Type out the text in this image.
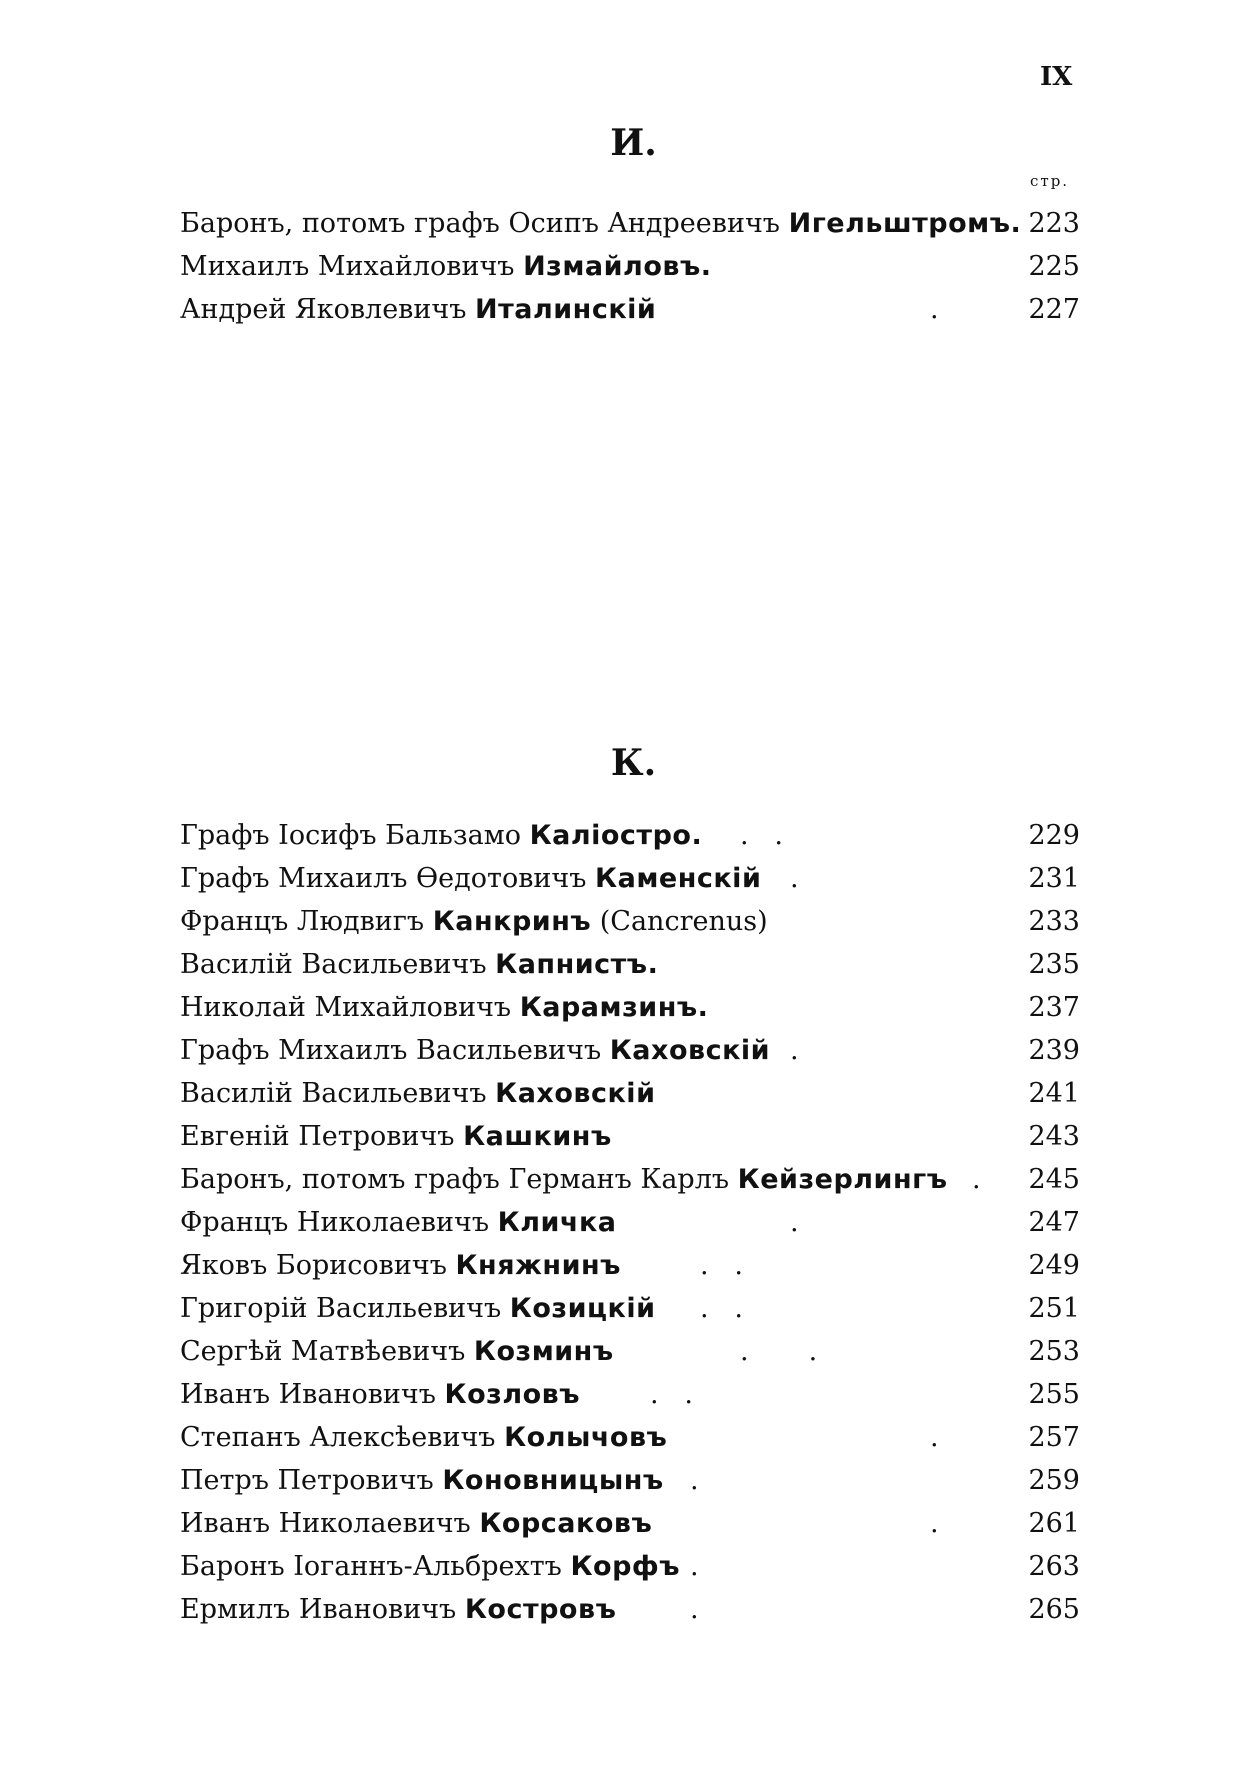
IX
И.
стр.
Баронъ, потомъ графъ Осипъ Андреевичъ Игельштромъ. 223
Михаилъ Михайловичъ Измайловъ.	225
Андрей Яковлевичъ Италинскій	.	227
К.
Графъ Іосифъ Бальзамо Каліостро. .   .	229
Графъ Михаилъ Өедотовичъ Каменскій .	231
Францъ Людвигъ Канкринъ (Cancrenus)	233
Василій Васильевичъ Капнистъ.	235
Николай Михайловичъ Карамзинъ.	237
Графъ Михаилъ Васильевичъ Каховскій .	239
Василій Васильевичъ Каховскій	241
Евгеній Петровичъ Кашкинъ	243
Баронъ, потомъ графъ Германъ Карлъ Кейзерлингъ .	245
Францъ Николаевичъ Кличка	.	247
Яковъ Борисовичъ Княжнинъ	.   .	249
Григорій Васильевичъ Козицкій .   .	251
Сергѣй Матвѣевичъ Козминъ	.       .	253
Иванъ Ивановичъ Козловъ	.   .	255
Степанъ Алексѣевичъ Колычовъ	.	257
Петръ Петровичъ Коновницынъ .	259
Иванъ Николаевичъ Корсаковъ	.	261
Баронъ Іоганнъ-Альбрехтъ Корфъ .	263
Ермилъ Ивановичъ Костровъ	.	265
